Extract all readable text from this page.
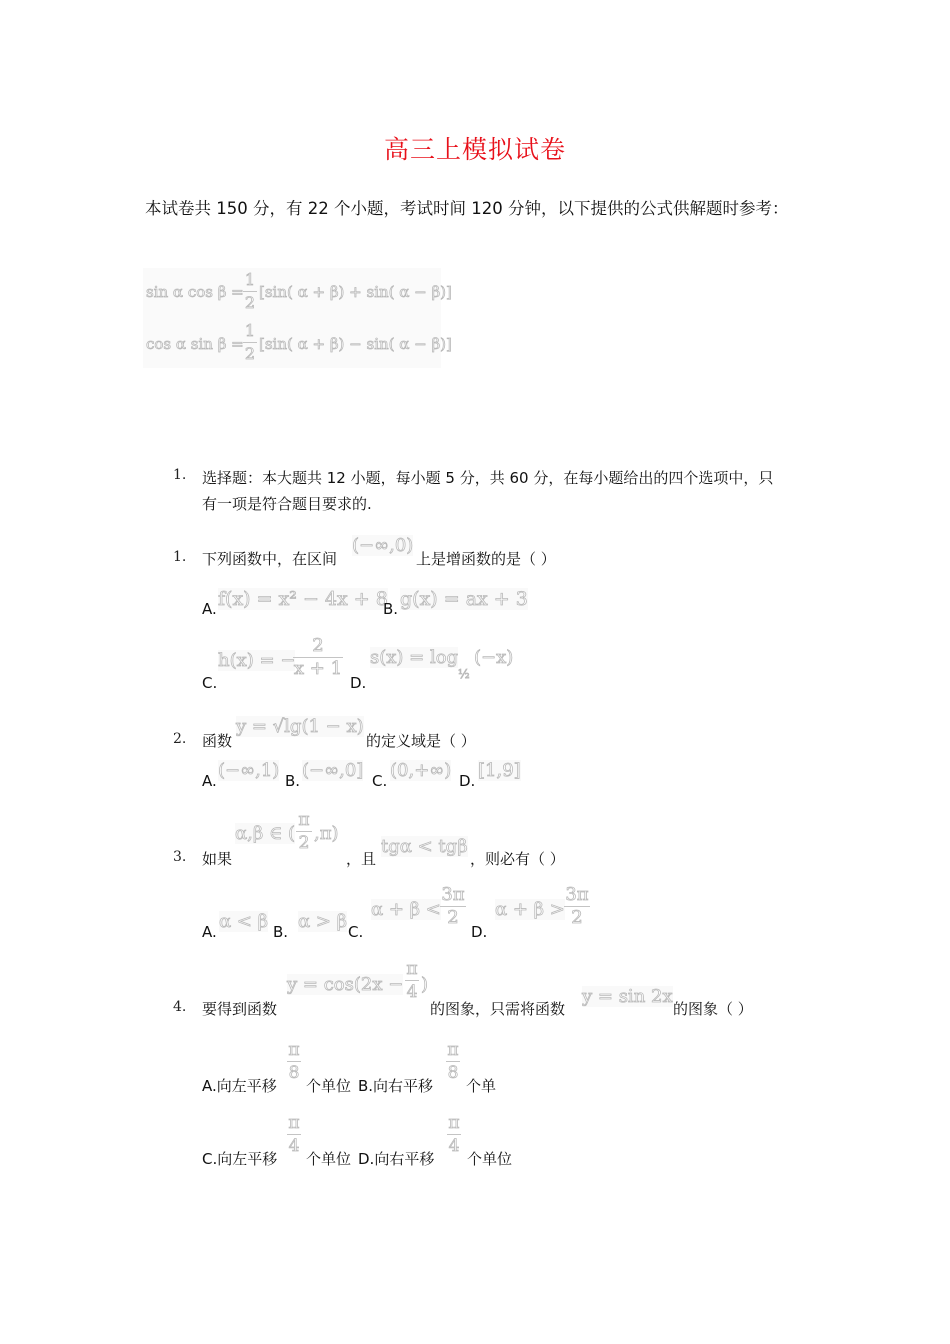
高三上模拟试卷
本试卷共 150 分，有 22 个小题，考试时间 120 分钟，以下提供的公式供解题时参考：
sin α cos β =
1
2
[sin( α + β) + sin( α − β)]
cos α sin β =
1
2 [sin( α + β) − sin( α − β)]
1. 选择题：本大题共 12 小题，每小题 5 分，共 60 分，在每小题给出的四个选项中，只
有一项是符合题目要求的.
1. 下列函数中，在区间
(−∞,0)
上是增函数的是（ ）
A. f(x) = x² − 4x + 8
B. g(x) = ax + 3
C.
h(x) = −
2
x + 1
D.
s(x) = log
½
(−x)
2. 函数
y = √lg(1 − x)
的定义域是（ ）
A. (−∞,1) B. (−∞,0] C. (0,+∞) D. [1,9]
3. 如果
α,β ∈ (
π
2 ,π)
，且
tgα < tgβ
，则必有（ ）
A. α < β B. α > β C.
α + β <
3π
2
D.
α + β >
3π
2
4. 要得到函数
y = cos(2x −
π
4 )
的图象，只需将函数
y = sin 2x
的图象（ ）
A.向左平移
π
8
个单位 B.向右平移
π
8
个单
C.向左平移
π
4
个单位 D.向右平移
π
4
个单位
